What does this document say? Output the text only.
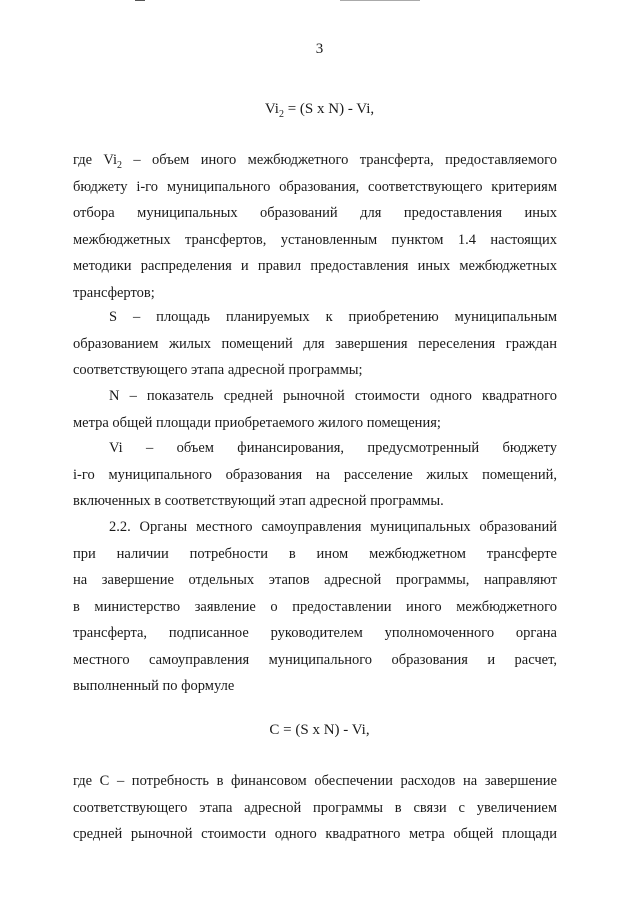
3
$Vi_2 = (S$ x N) - Vi,
где $Vi_2$ – объем иного межбюджетного трансферта, предоставляемого
бюджету i-го муниципального образования, соответствующего критериям
отбора муниципальных образований для предоставления иных
межбюджетных трансфертов, установленным пунктом 1.4 настоящих
методики распределения и правил предоставления иных межбюджетных
трансфертов;
S – площадь планируемых к приобретению муниципальным
образованием жилых помещений для завершения переселения граждан
соответствующего этапа адресной программы;
N – показатель средней рыночной стоимости одного квадратного
метра общей площади приобретаемого жилого помещения;
Vi – объем финансирования, предусмотренный бюджету
i-го муниципального образования на расселение жилых помещений,
включенных в соответствующий этап адресной программы.
2.2. Органы местного самоуправления муниципальных образований
при наличии потребности в ином межбюджетном трансферте
на завершение отдельных этапов адресной программы, направляют
в министерство заявление о предоставлении иного межбюджетного
трансферта, подписанное руководителем уполномоченного органа
местного самоуправления муниципального образования и расчет,
выполненный по формуле
C = (S x N) - Vi,
где C – потребность в финансовом обеспечении расходов на завершение
соответствующего этапа адресной программы в связи с увеличением
средней рыночной стоимости одного квадратного метра общей площади
